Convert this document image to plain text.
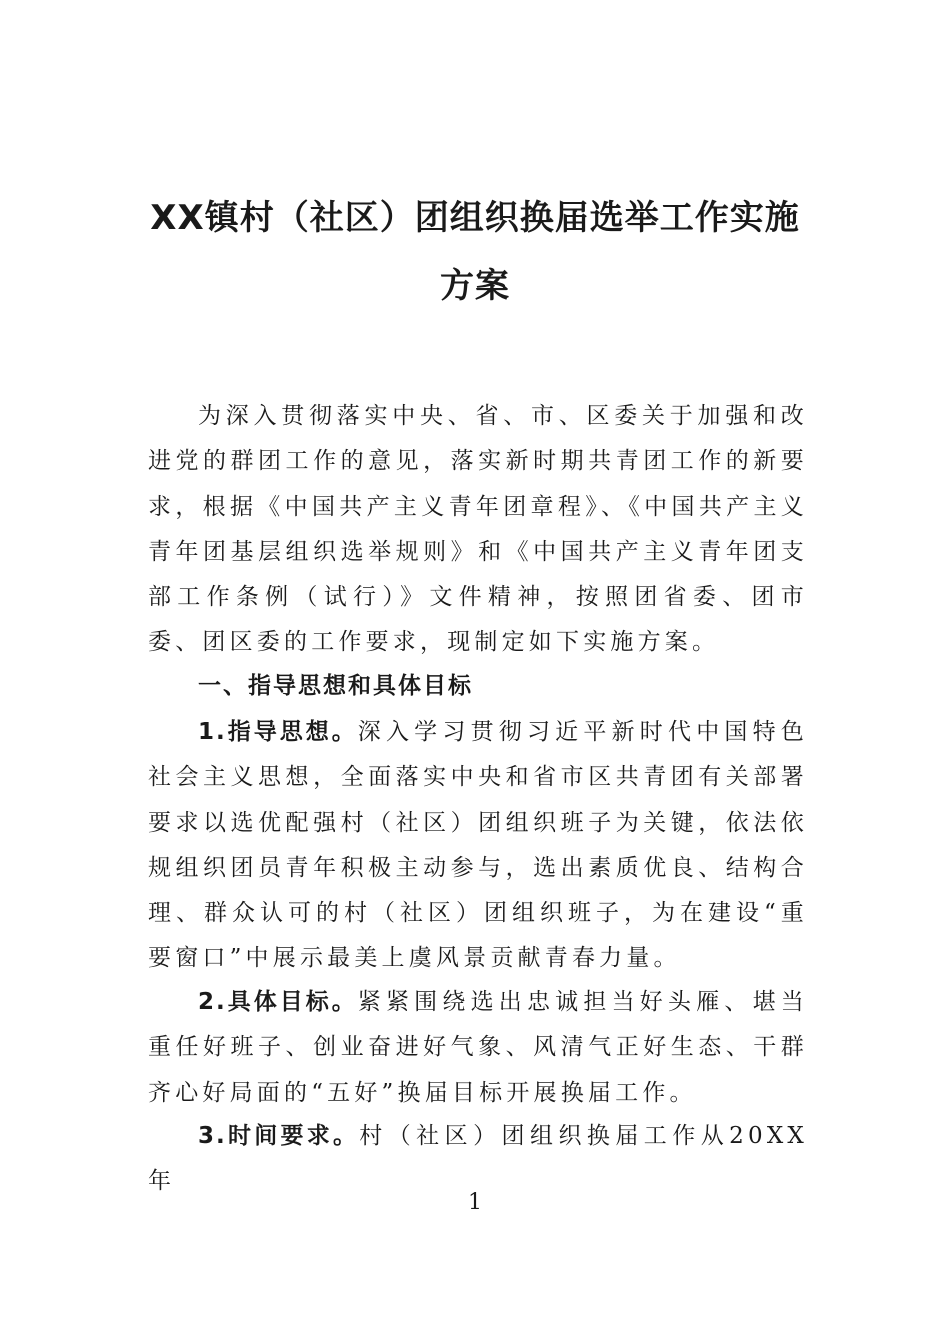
XX镇村（社区）团组织换届选举工作实施
方案

为深入贯彻落实中央、省、市、区委关于加强和改进党的群团工作的意见，落实新时期共青团工作的新要求，根据《中国共产主义青年团章程》、《中国共产主义青年团基层组织选举规则》和《中国共产主义青年团支部工作条例（试行）》文件精神，按照团省委、团市委、团区委的工作要求，现制定如下实施方案。

一、指导思想和具体目标

1.指导思想。深入学习贯彻习近平新时代中国特色社会主义思想，全面落实中央和省市区共青团有关部署要求以选优配强村（社区）团组织班子为关键，依法依规组织团员青年积极主动参与，选出素质优良、结构合理、群众认可的村（社区）团组织班子，为在建设“重要窗口”中展示最美上虞风景贡献青春力量。

2.具体目标。紧紧围绕选出忠诚担当好头雁、堪当重任好班子、创业奋进好气象、风清气正好生态、干群齐心好局面的“五好”换届目标开展换届工作。

3.时间要求。村（社区）团组织换届工作从20XX年

1
